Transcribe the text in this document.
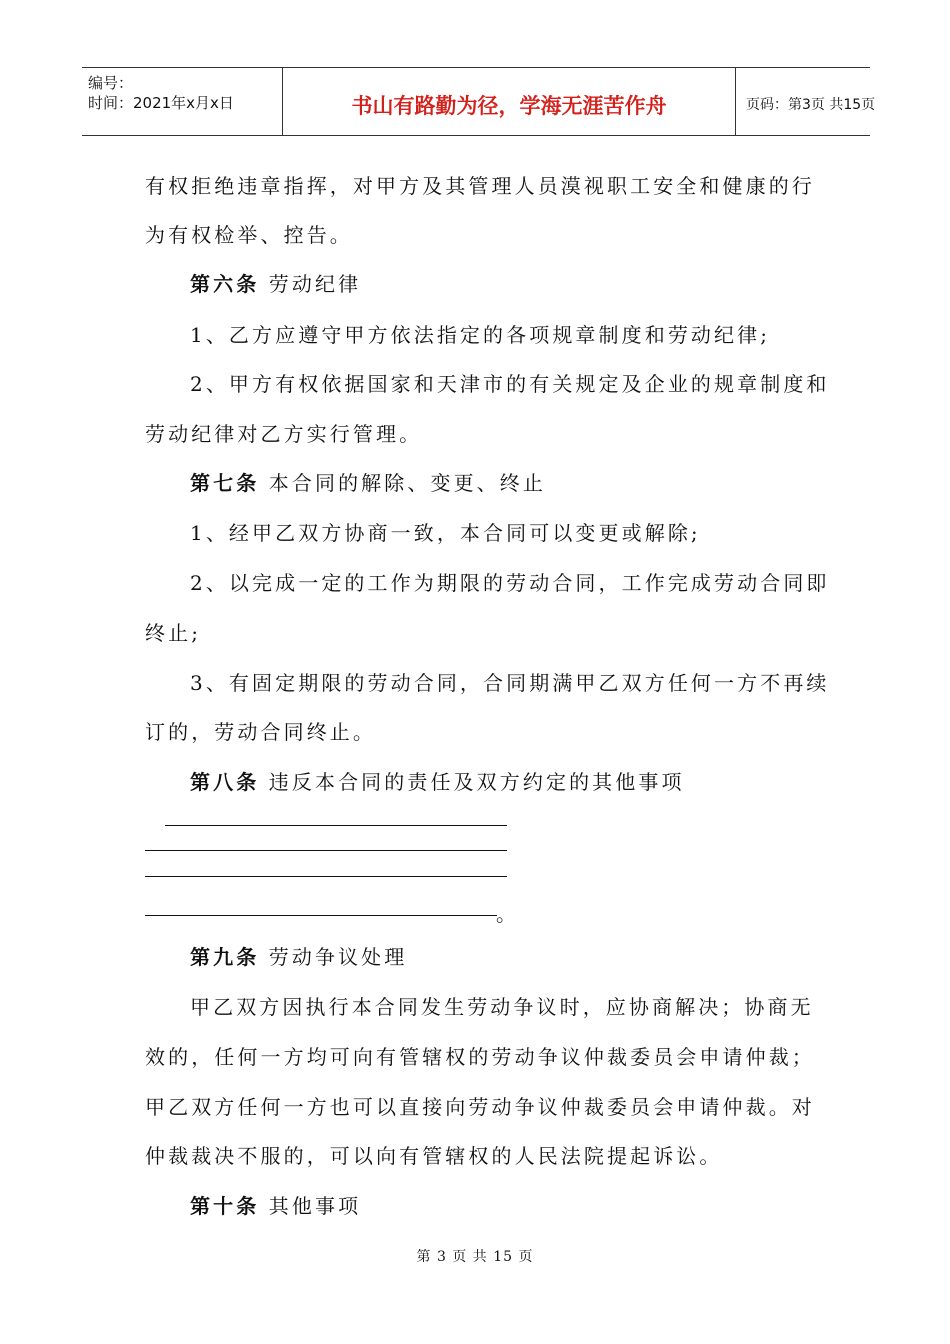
编号：
时间：2021年x月x日	书山有路勤为径，学海无涯苦作舟	页码：第3页 共15页
有权拒绝违章指挥，对甲方及其管理人员漠视职工安全和健康的行
为有权检举、控告。
第六条 劳动纪律
1、乙方应遵守甲方依法指定的各项规章制度和劳动纪律;
2、甲方有权依据国家和天津市的有关规定及企业的规章制度和
劳动纪律对乙方实行管理。
第七条 本合同的解除、变更、终止
1、经甲乙双方协商一致，本合同可以变更或解除;
2、以完成一定的工作为期限的劳动合同，工作完成劳动合同即
终止;
3、有固定期限的劳动合同，合同期满甲乙双方任何一方不再续
订的，劳动合同终止。
第八条 违反本合同的责任及双方约定的其他事项
。
第九条 劳动争议处理
甲乙双方因执行本合同发生劳动争议时，应协商解决；协商无
效的，任何一方均可向有管辖权的劳动争议仲裁委员会申请仲裁；
甲乙双方任何一方也可以直接向劳动争议仲裁委员会申请仲裁。对
仲裁裁决不服的，可以向有管辖权的人民法院提起诉讼。
第十条 其他事项
第 3 页 共 15 页
